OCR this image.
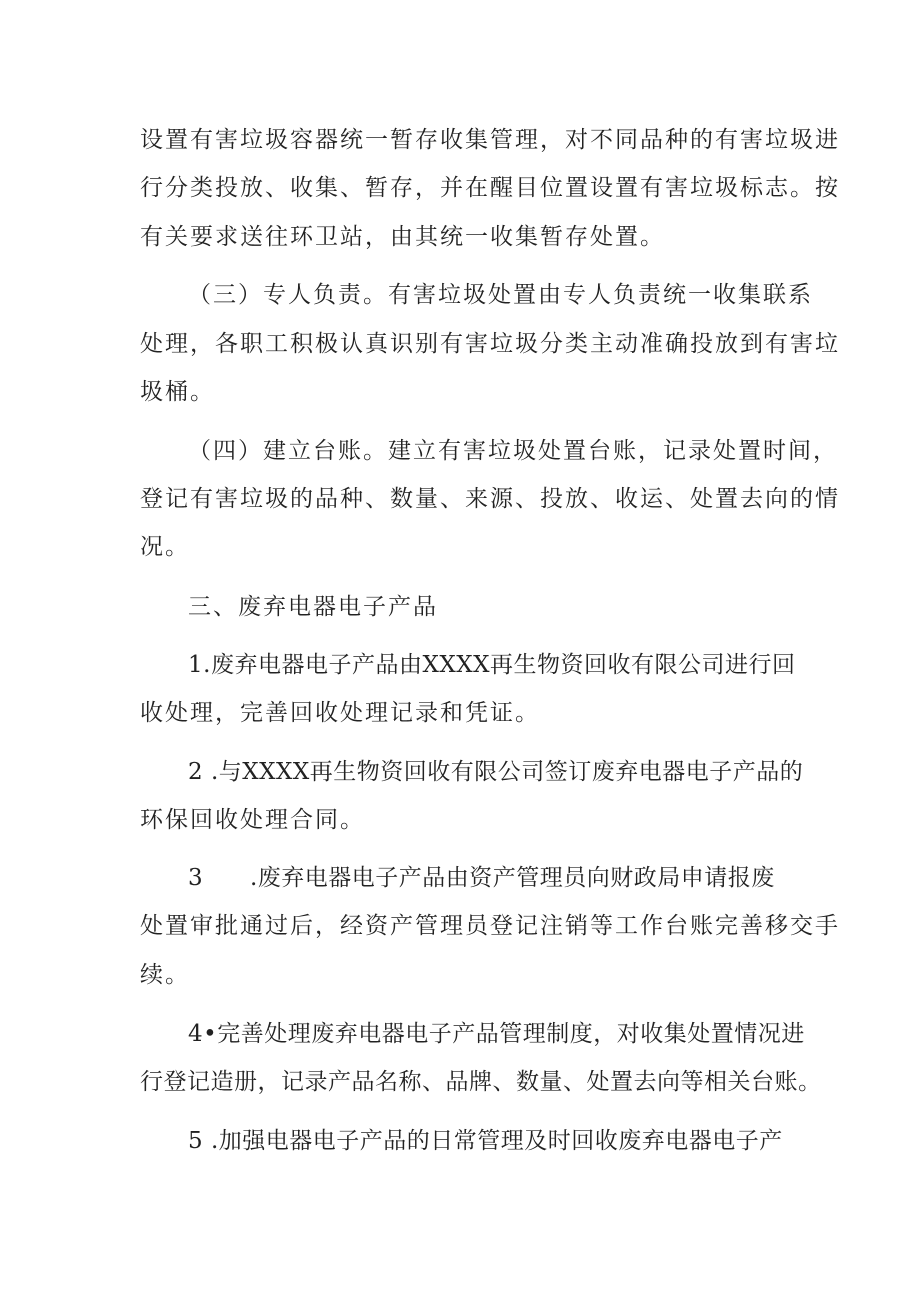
设置有害垃圾容器统一暂存收集管理，对不同品种的有害垃圾进
行分类投放、收集、暂存，并在醒目位置设置有害垃圾标志。按
有关要求送往环卫站，由其统一收集暂存处置。
（三）专人负责。有害垃圾处置由专人负责统一收集联系
处理，各职工积极认真识别有害垃圾分类主动准确投放到有害垃
圾桶。
（四）建立台账。建立有害垃圾处置台账，记录处置时间，
登记有害垃圾的品种、数量、来源、投放、收运、处置去向的情
况。
三、废弃电器电子产品
1.废弃电器电子产品由XXXX再生物资回收有限公司进行回
收处理，完善回收处理记录和凭证。
2 .与XXXX再生物资回收有限公司签订废弃电器电子产品的
环保回收处理合同。
3      .废弃电器电子产品由资产管理员向财政局申请报废
处置审批通过后，经资产管理员登记注销等工作台账完善移交手
续。
4•完善处理废弃电器电子产品管理制度，对收集处置情况进
行登记造册，记录产品名称、品牌、数量、处置去向等相关台账。
5 .加强电器电子产品的日常管理及时回收废弃电器电子产
